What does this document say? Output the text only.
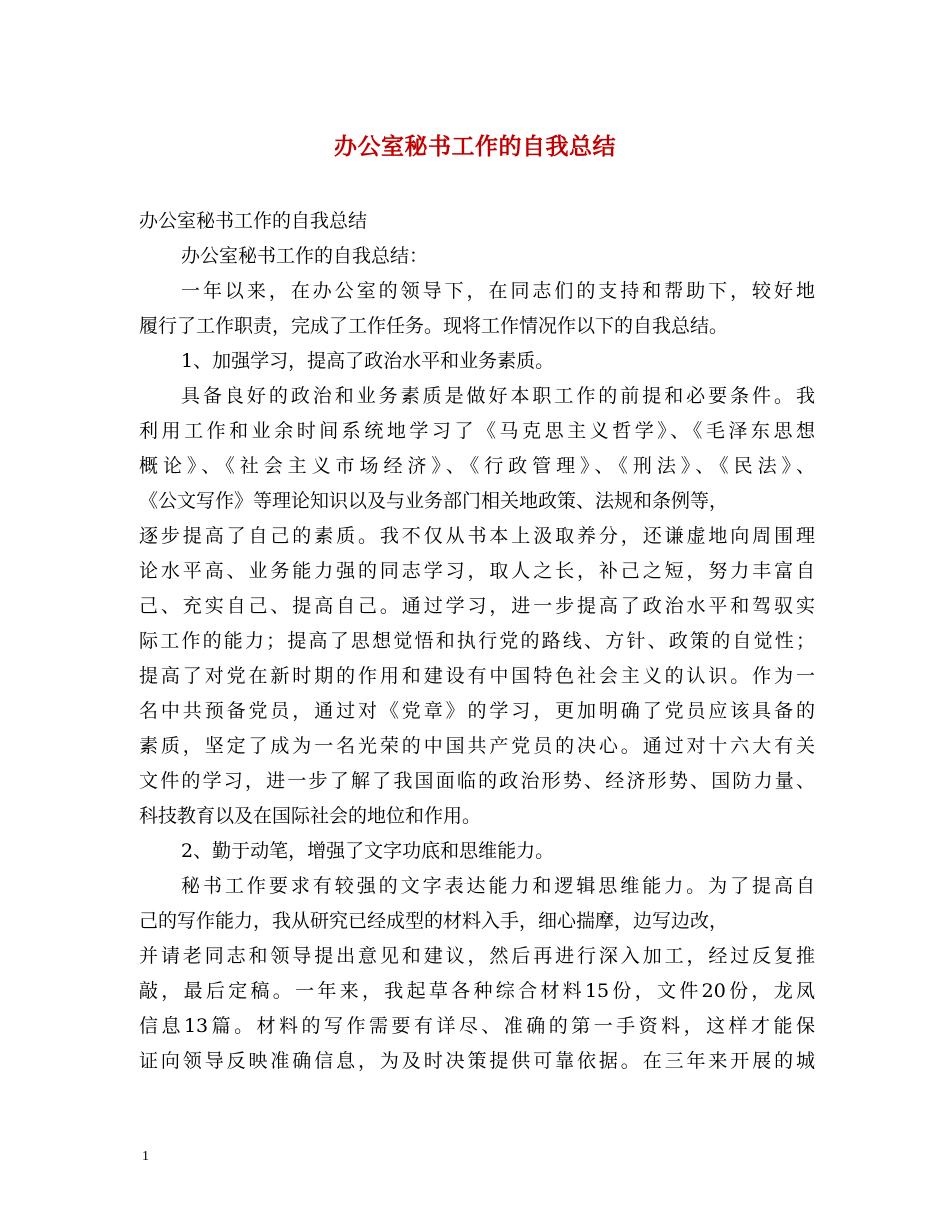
办公室秘书工作的自我总结
办公室秘书工作的自我总结
办公室秘书工作的自我总结：
一年以来，在办公室的领导下，在同志们的支持和帮助下，较好地
履行了工作职责，完成了工作任务。现将工作情况作以下的自我总结。
1、加强学习，提高了政治水平和业务素质。
具备良好的政治和业务素质是做好本职工作的前提和必要条件。我
利用工作和业余时间系统地学习了《马克思主义哲学》、《毛泽东思想
概论》、《社会主义市场经济》、《行政管理》、《刑法》、《民法》、
《公文写作》等理论知识以及与业务部门相关地政策、法规和条例等，
逐步提高了自己的素质。我不仅从书本上汲取养分，还谦虚地向周围理
论水平高、业务能力强的同志学习，取人之长，补己之短，努力丰富自
己、充实自己、提高自己。通过学习，进一步提高了政治水平和驾驭实
际工作的能力；提高了思想觉悟和执行党的路线、方针、政策的自觉性；
提高了对党在新时期的作用和建设有中国特色社会主义的认识。作为一
名中共预备党员，通过对《党章》的学习，更加明确了党员应该具备的
素质，坚定了成为一名光荣的中国共产党员的决心。通过对十六大有关
文件的学习，进一步了解了我国面临的政治形势、经济形势、国防力量、
科技教育以及在国际社会的地位和作用。
2、勤于动笔，增强了文字功底和思维能力。
秘书工作要求有较强的文字表达能力和逻辑思维能力。为了提高自
己的写作能力，我从研究已经成型的材料入手，细心揣摩，边写边改，
并请老同志和领导提出意见和建议，然后再进行深入加工，经过反复推
敲，最后定稿。一年来，我起草各种综合材料15份，文件20份，龙凤
信息13篇。材料的写作需要有详尽、准确的第一手资料，这样才能保
证向领导反映准确信息，为及时决策提供可靠依据。在三年来开展的城
1
